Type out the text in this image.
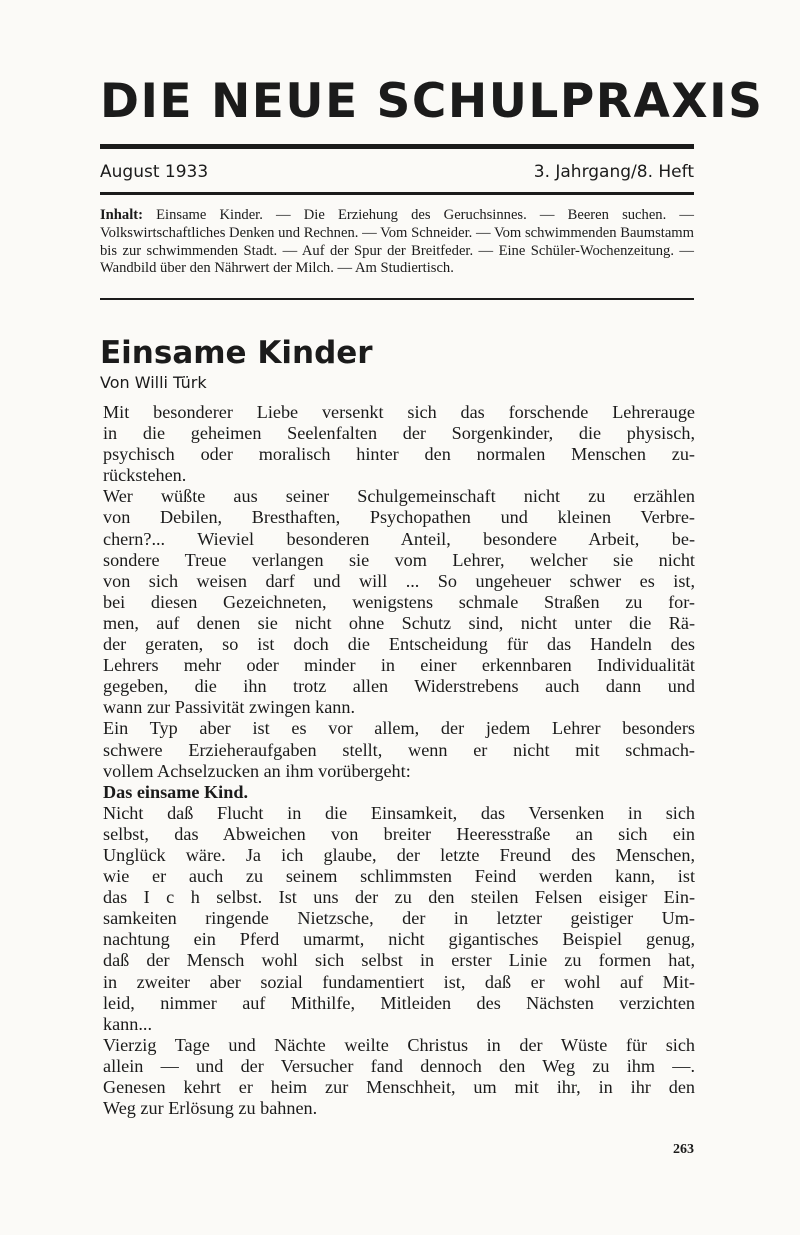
DIE NEUE SCHULPRAXIS
August 1933	3. Jahrgang/8. Heft

Inhalt: Einsame Kinder. — Die Erziehung des Geruchsinnes. — Beeren suchen. — Volkswirtschaftliches Denken und Rechnen. — Vom Schneider. — Vom schwimmenden Baumstamm bis zur schwimmenden Stadt. — Auf der Spur der Breitfeder. — Eine Schüler-Wochenzeitung. — Wandbild über den Nährwert der Milch. — Am Studiertisch.

Einsame Kinder

Von Willi Türk

Mit besonderer Liebe versenkt sich das forschende Lehrerauge
in die geheimen Seelenfalten der Sorgenkinder, die physisch,
psychisch oder moralisch hinter den normalen Menschen zu-
rückstehen.
Wer wüßte aus seiner Schulgemeinschaft nicht zu erzählen
von Debilen, Bresthaften, Psychopathen und kleinen Verbre-
chern?... Wieviel besonderen Anteil, besondere Arbeit, be-
sondere Treue verlangen sie vom Lehrer, welcher sie nicht
von sich weisen darf und will ... So ungeheuer schwer es ist,
bei diesen Gezeichneten, wenigstens schmale Straßen zu for-
men, auf denen sie nicht ohne Schutz sind, nicht unter die Rä-
der geraten, so ist doch die Entscheidung für das Handeln des
Lehrers mehr oder minder in einer erkennbaren Individualität
gegeben, die ihn trotz allen Widerstrebens auch dann und
wann zur Passivität zwingen kann.
Ein Typ aber ist es vor allem, der jedem Lehrer besonders
schwere Erzieheraufgaben stellt, wenn er nicht mit schmach-
vollem Achselzucken an ihm vorübergeht:
Das einsame Kind.
Nicht daß Flucht in die Einsamkeit, das Versenken in sich
selbst, das Abweichen von breiter Heeresstraße an sich ein
Unglück wäre. Ja ich glaube, der letzte Freund des Menschen,
wie er auch zu seinem schlimmsten Feind werden kann, ist
das I c h selbst. Ist uns der zu den steilen Felsen eisiger Ein-
samkeiten ringende Nietzsche, der in letzter geistiger Um-
nachtung ein Pferd umarmt, nicht gigantisches Beispiel genug,
daß der Mensch wohl sich selbst in erster Linie zu formen hat,
in zweiter aber sozial fundamentiert ist, daß er wohl auf Mit-
leid, nimmer auf Mithilfe, Mitleiden des Nächsten verzichten
kann...
Vierzig Tage und Nächte weilte Christus in der Wüste für sich
allein — und der Versucher fand dennoch den Weg zu ihm —.
Genesen kehrt er heim zur Menschheit, um mit ihr, in ihr den
Weg zur Erlösung zu bahnen.

263
